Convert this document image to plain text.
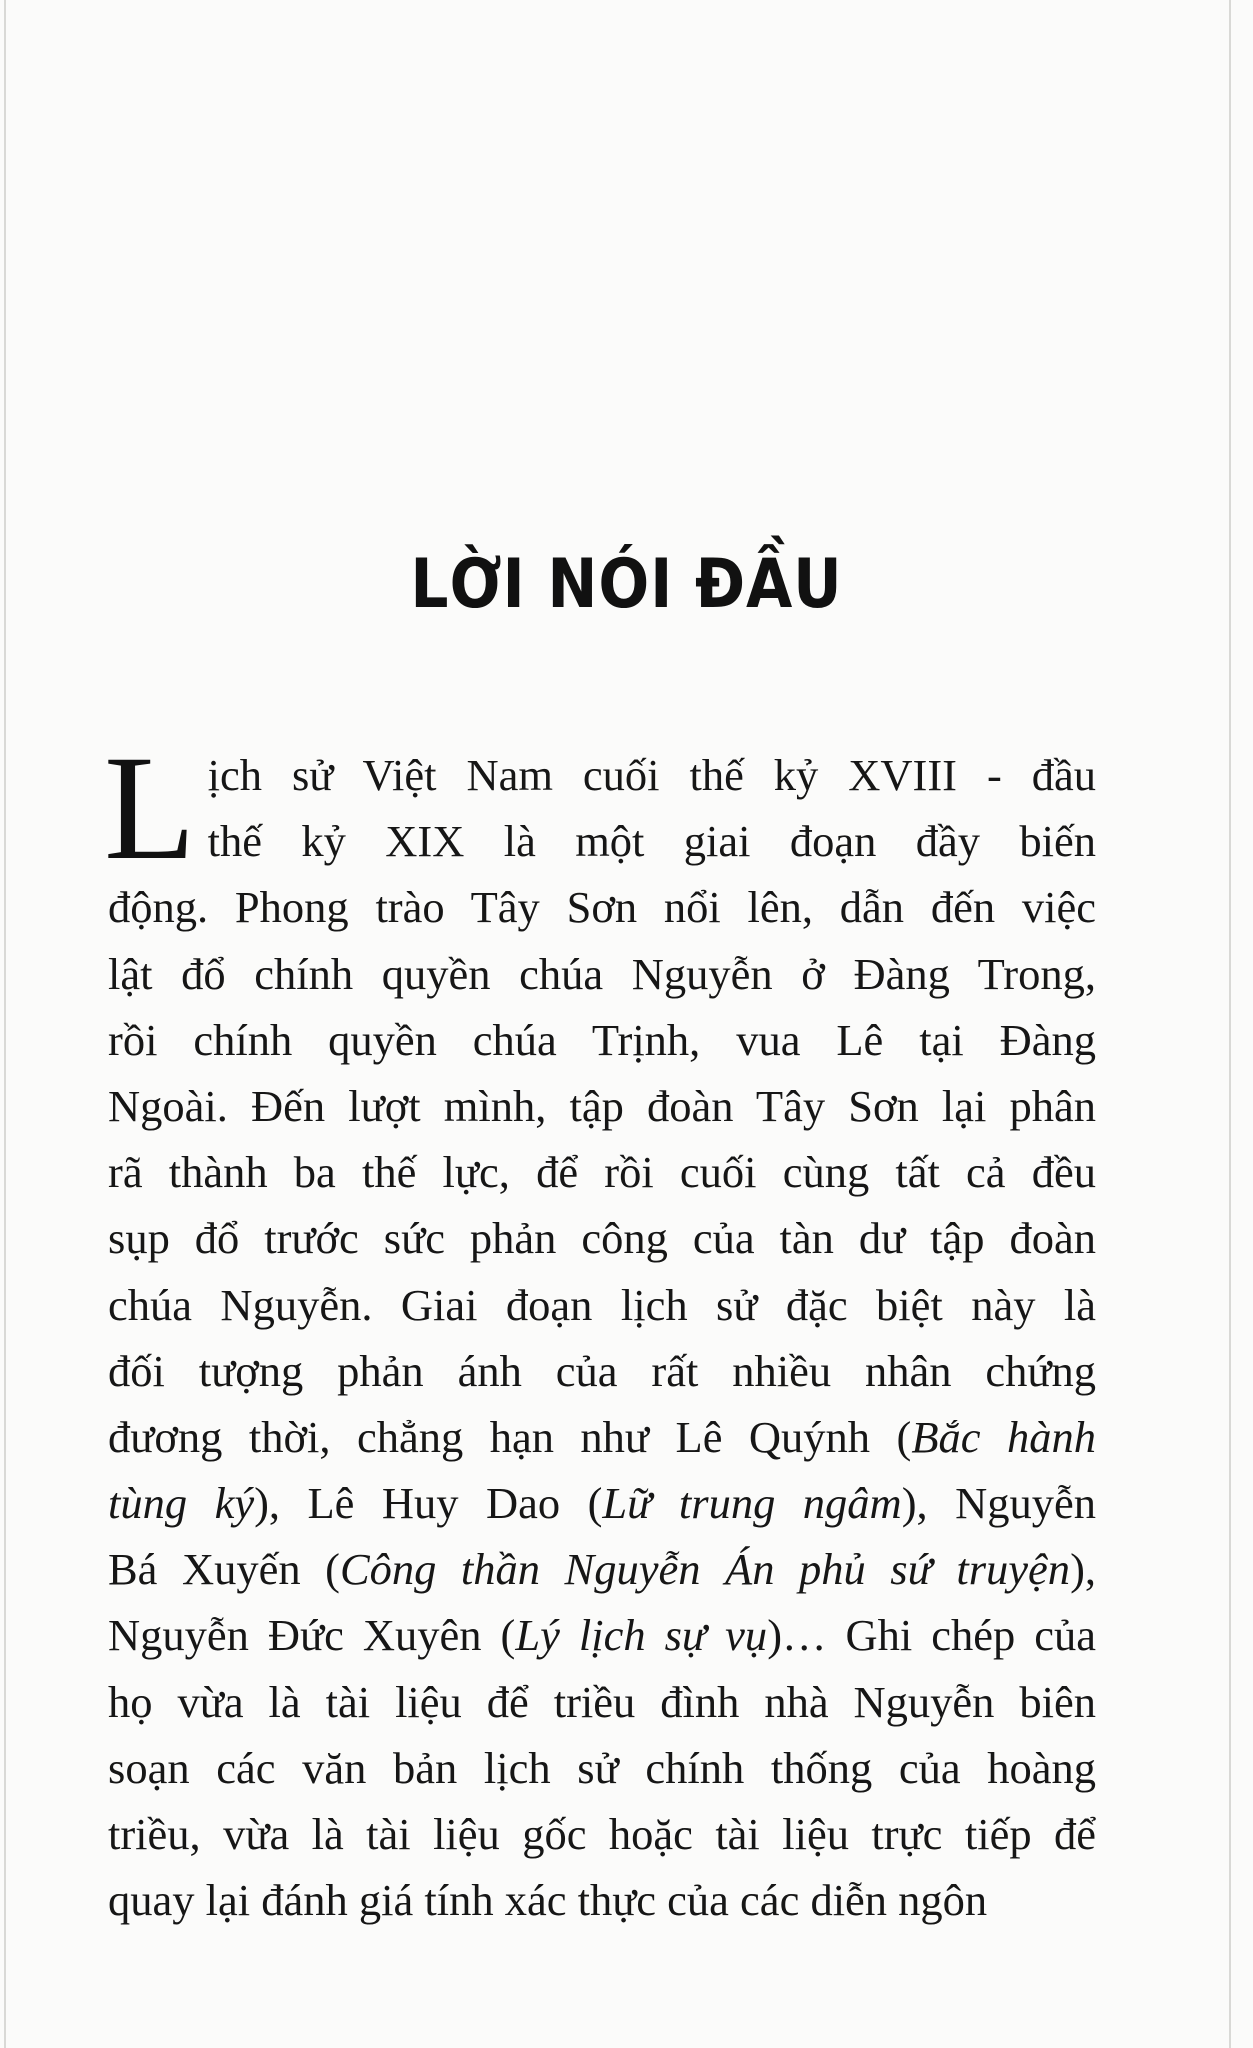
LỜI NÓI ĐẦU
L ịch sử Việt Nam cuối thế kỷ XVIII - đầu
thế kỷ XIX là một giai đoạn đầy biến
động. Phong trào Tây Sơn nổi lên, dẫn đến việc
lật đổ chính quyền chúa Nguyễn ở Đàng Trong,
rồi chính quyền chúa Trịnh, vua Lê tại Đàng
Ngoài. Đến lượt mình, tập đoàn Tây Sơn lại phân
rã thành ba thế lực, để rồi cuối cùng tất cả đều
sụp đổ trước sức phản công của tàn dư tập đoàn
chúa Nguyễn. Giai đoạn lịch sử đặc biệt này là
đối tượng phản ánh của rất nhiều nhân chứng
đương thời, chẳng hạn như Lê Quýnh (Bắc hành
tùng ký), Lê Huy Dao (Lữ trung ngâm), Nguyễn
Bá Xuyến (Công thần Nguyễn Án phủ sứ truyện),
Nguyễn Đức Xuyên (Lý lịch sự vụ)… Ghi chép của
họ vừa là tài liệu để triều đình nhà Nguyễn biên
soạn các văn bản lịch sử chính thống của hoàng
triều, vừa là tài liệu gốc hoặc tài liệu trực tiếp để
quay lại đánh giá tính xác thực của các diễn ngôn
